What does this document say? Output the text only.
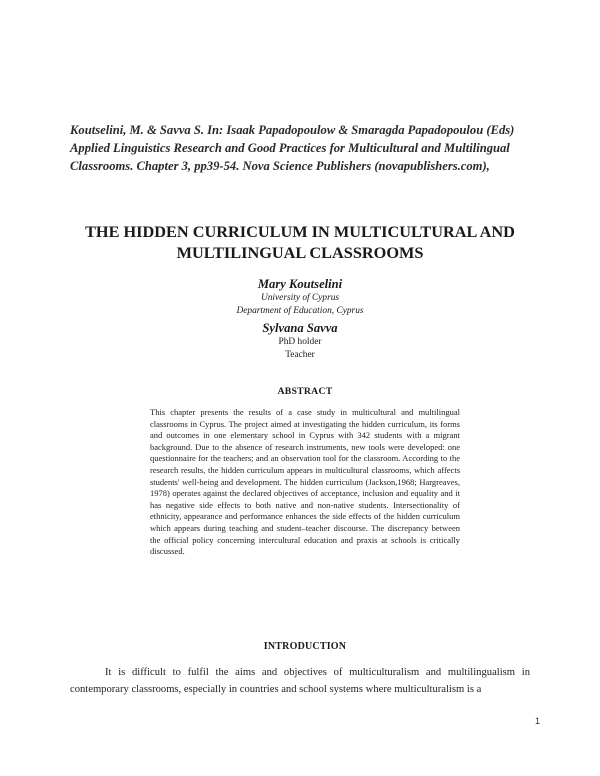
Koutselini, M. & Savva S. In: Isaak Papadopoulow & Smaragda Papadopoulou (Eds) Applied Linguistics Research and Good Practices for Multicultural and Multilingual Classrooms. Chapter 3, pp39-54. Nova Science Publishers (novapublishers.com),
THE HIDDEN CURRICULUM IN MULTICULTURAL AND MULTILINGUAL CLASSROOMS
Mary Koutselini
University of Cyprus
Department of Education, Cyprus
Sylvana Savva
PhD holder
Teacher
ABSTRACT
This chapter presents the results of a case study in multicultural and multilingual classrooms in Cyprus. The project aimed at investigating the hidden curriculum, its forms and outcomes in one elementary school in Cyprus with 342 students with a migrant background. Due to the absence of research instruments, new tools were developed: one questionnaire for the teachers; and an observation tool for the classroom. According to the research results, the hidden curriculum appears in multicultural classrooms, which affects students' well-being and development. The hidden curriculum (Jackson,1968; Hargreaves, 1978) operates against the declared objectives of acceptance, inclusion and equality and it has negative side effects to both native and non-native students. Intersectionality of ethnicity, appearance and performance enhances the side effects of the hidden curriculum which appears during teaching and student–teacher discourse. The discrepancy between the official policy concerning intercultural education and praxis at schools is critically discussed.
INTRODUCTION
It is difficult to fulfil the aims and objectives of multiculturalism and multilingualism in contemporary classrooms, especially in countries and school systems where multiculturalism is a
1
